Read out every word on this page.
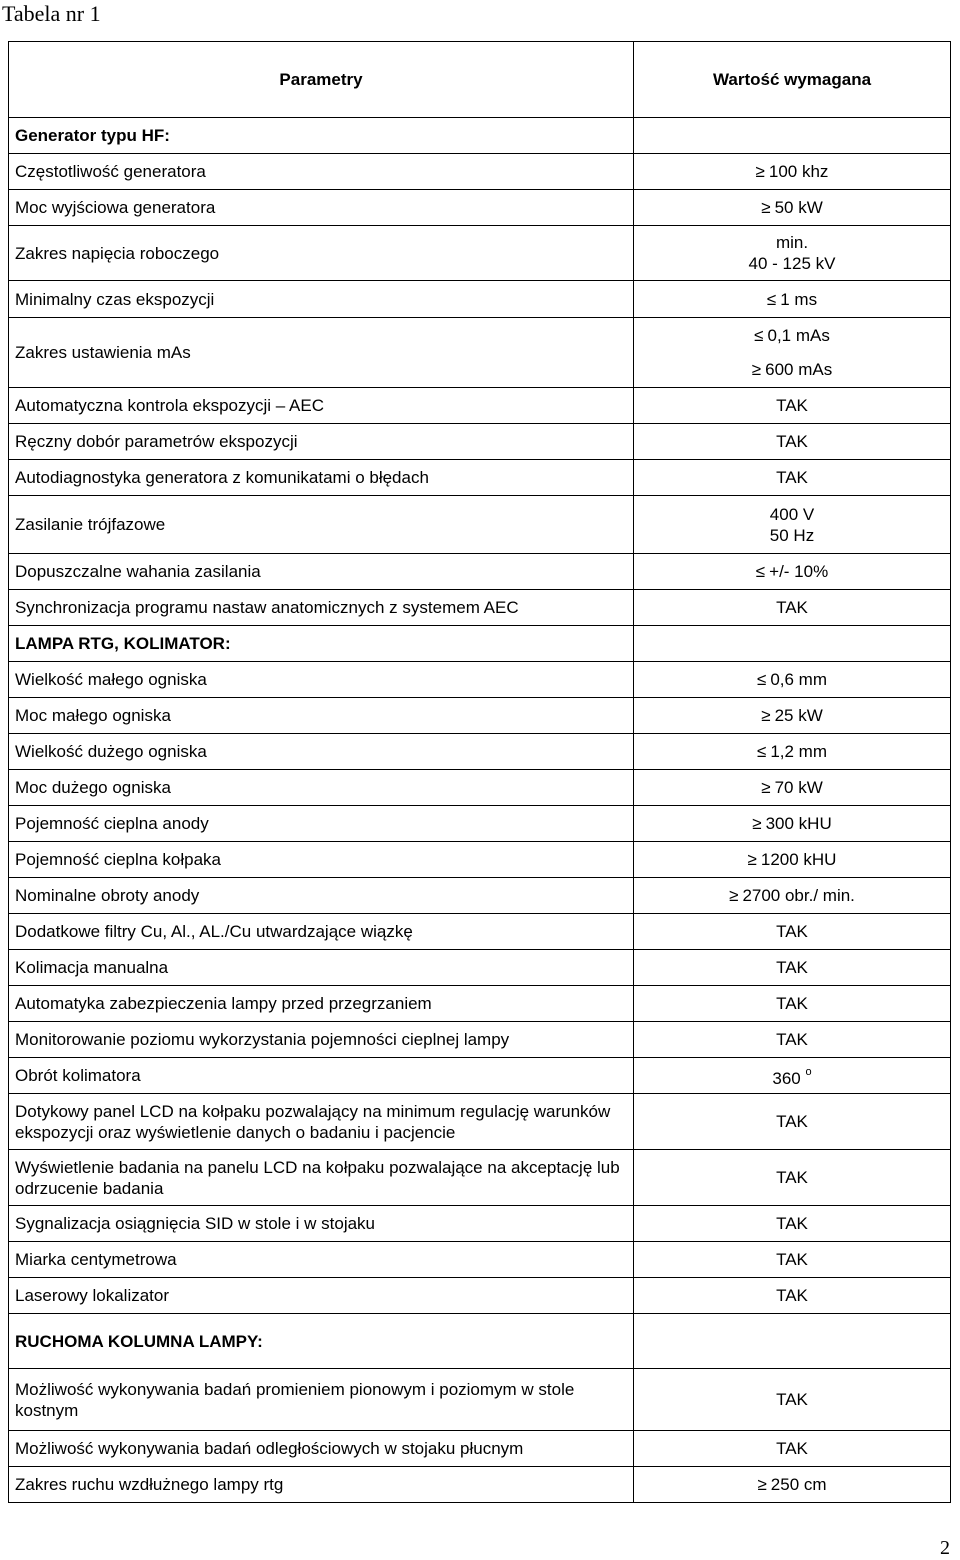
Tabela nr 1
Parametry	Wartość wymagana
Generator typu HF:	
Częstotliwość generatora	≥ 100 khz
Moc wyjściowa generatora	≥ 50 kW
Zakres napięcia roboczego	min.
40 - 125 kV

Minimalny czas ekspozycji	≤ 1 ms
Zakres ustawienia mAs	≤ 0,1 mAs
≥ 600 mAs

Automatyczna kontrola ekspozycji – AEC	TAK
Ręczny dobór parametrów ekspozycji	TAK
Autodiagnostyka generatora z komunikatami o błędach	TAK
Zasilanie trójfazowe	400 V
50 Hz

Dopuszczalne wahania zasilania	≤ +/- 10%
Synchronizacja programu nastaw anatomicznych z systemem AEC	TAK
LAMPA RTG, KOLIMATOR:	
Wielkość małego ogniska	≤ 0,6 mm
Moc małego ogniska	≥ 25 kW
Wielkość dużego ogniska	≤ 1,2 mm
Moc dużego ogniska	≥ 70 kW
Pojemność cieplna anody	≥ 300 kHU
Pojemność cieplna kołpaka	≥ 1200 kHU
Nominalne obroty anody	≥ 2700 obr./ min.
Dodatkowe filtry Cu, Al., AL./Cu utwardzające wiązkę	TAK
Kolimacja manualna	TAK
Automatyka zabezpieczenia lampy przed przegrzaniem	TAK
Monitorowanie poziomu wykorzystania pojemności cieplnej lampy	TAK
Obrót kolimatora	360 $^o$
Dotykowy panel LCD na kołpaku pozwalający na minimum regulację warunków ekspozycji oraz wyświetlenie danych o badaniu i pacjencie	TAK
Wyświetlenie badania na panelu LCD na kołpaku pozwalające na akceptację lub odrzucenie badania	TAK
Sygnalizacja osiągnięcia SID w stole i w stojaku	TAK
Miarka centymetrowa	TAK
Laserowy lokalizator	TAK
RUCHOMA KOLUMNA LAMPY:	
Możliwość wykonywania badań promieniem pionowym i poziomym w stole kostnym	TAK
Możliwość wykonywania badań odległościowych w stojaku płucnym	TAK
Zakres ruchu wzdłużnego lampy rtg	≥ 250 cm
2
